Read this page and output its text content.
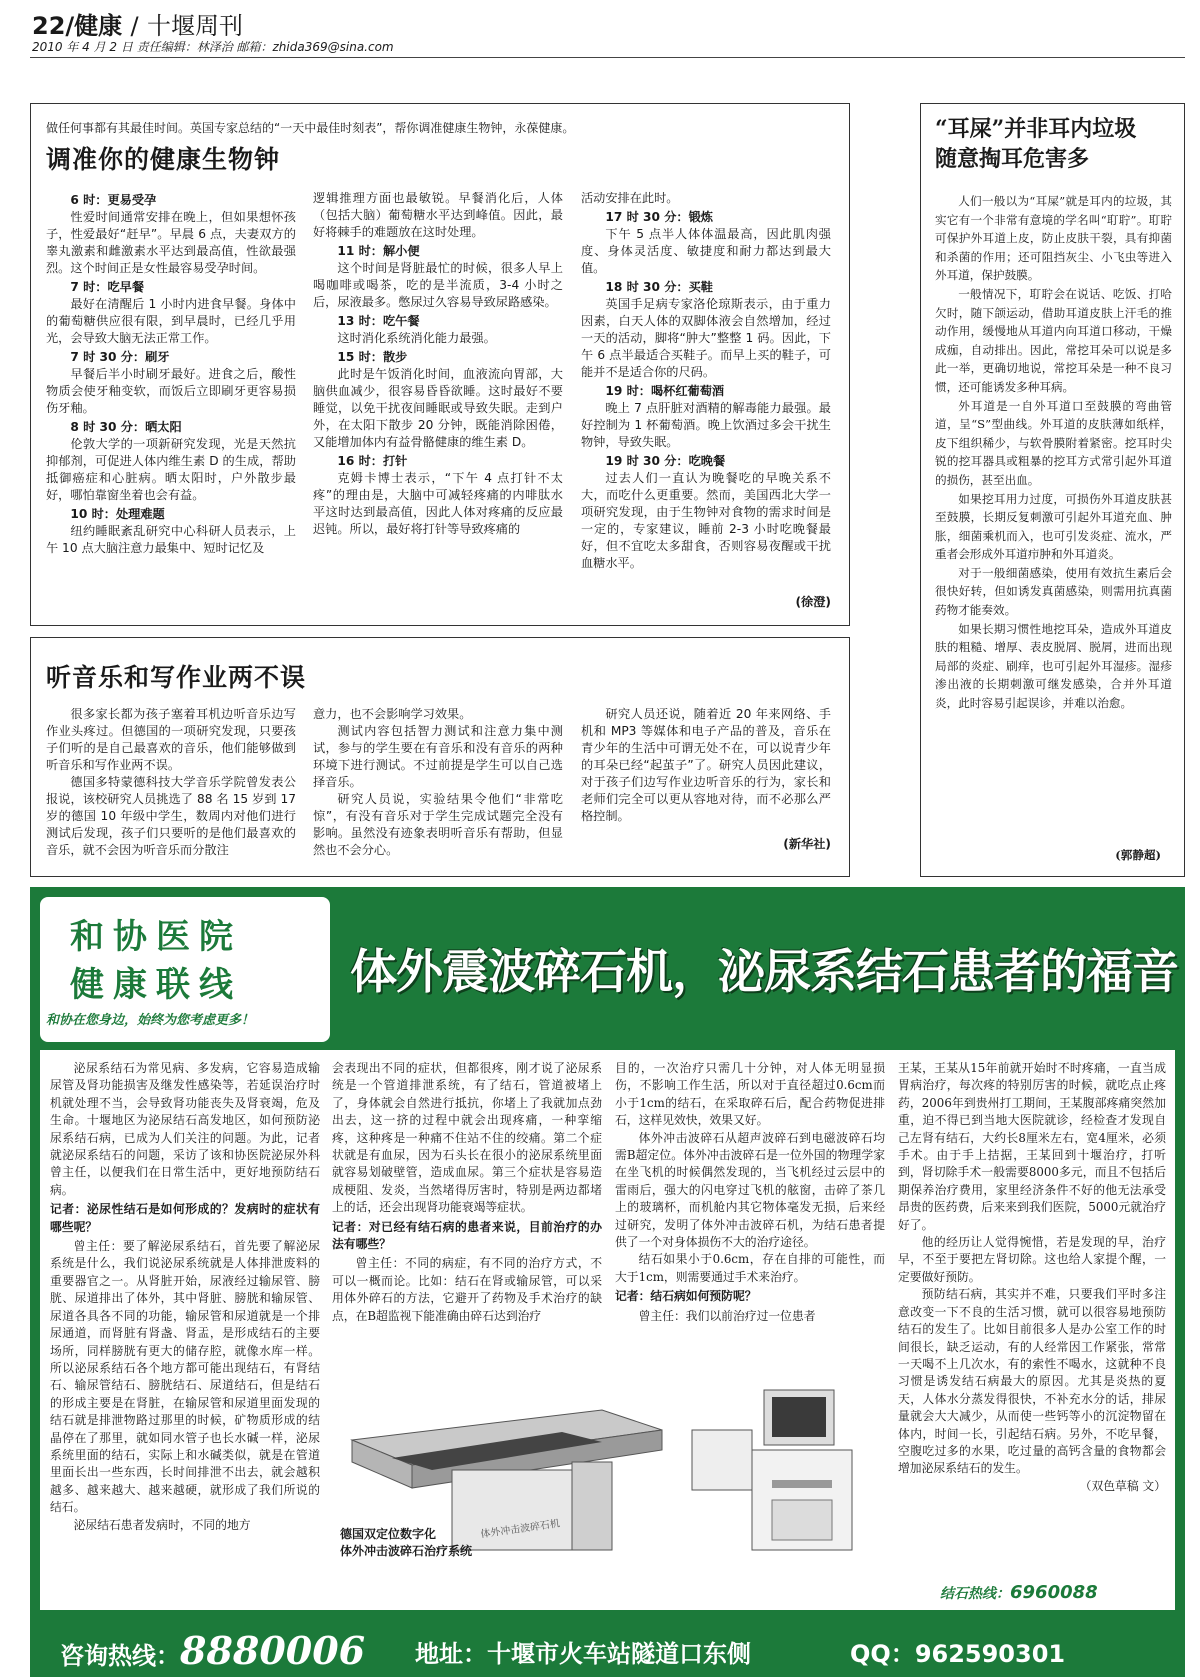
22/健康 / 十堰周刊
2010 年 4 月 2 日 责任编辑：林泽治 邮箱：zhida369@sina.com
做任何事都有其最佳时间。英国专家总结的“一天中最佳时刻表”，帮你调准健康生物钟，永葆健康。
调准你的健康生物钟

6 时：更易受孕

性爱时间通常安排在晚上，但如果想怀孩子，性爱最好“赶早”。早晨 6 点，夫妻双方的睾丸激素和雌激素水平达到最高值，性欲最强烈。这个时间正是女性最容易受孕时间。

7 时：吃早餐

最好在清醒后 1 小时内进食早餐。身体中的葡萄糖供应很有限，到早晨时，已经几乎用光，会导致大脑无法正常工作。

7 时 30 分：刷牙

早餐后半小时刷牙最好。进食之后，酸性物质会使牙釉变软，而饭后立即刷牙更容易损伤牙釉。

8 时 30 分：晒太阳

伦敦大学的一项新研究发现，光是天然抗抑郁剂，可促进人体内维生素 D 的生成，帮助抵御癌症和心脏病。晒太阳时，户外散步最好，哪怕靠窗坐着也会有益。

10 时：处理难题

纽约睡眠紊乱研究中心科研人员表示，上午 10 点大脑注意力最集中、短时记忆及

逻辑推理方面也最敏锐。早餐消化后，人体（包括大脑）葡萄糖水平达到峰值。因此，最好将棘手的难题放在这时处理。

11 时：解小便

这个时间是肾脏最忙的时候，很多人早上喝咖啡或喝茶，吃的是半流质，3-4 小时之后，尿液最多。憋尿过久容易导致尿路感染。

13 时：吃午餐

这时消化系统消化能力最强。

15 时：散步

此时是午饭消化时间，血液流向胃部，大脑供血减少，很容易昏昏欲睡。这时最好不要睡觉，以免干扰夜间睡眠或导致失眠。走到户外，在太阳下散步 20 分钟，既能消除困倦，又能增加体内有益骨骼健康的维生素 D。

16 时：打针

克姆卡博士表示，“下午 4 点打针不太疼”的理由是，大脑中可减轻疼痛的内啡肽水平这时达到最高值，因此人体对疼痛的反应最迟钝。所以，最好将打针等导致疼痛的

活动安排在此时。

17 时 30 分：锻炼

下午 5 点半人体体温最高，因此肌肉强度、身体灵活度、敏捷度和耐力都达到最大值。

18 时 30 分：买鞋

英国手足病专家洛伦琼斯表示，由于重力因素，白天人体的双脚体液会自然增加，经过一天的活动，脚将“肿大”整整 1 码。因此，下午 6 点半最适合买鞋子。而早上买的鞋子，可能并不是适合你的尺码。

19 时：喝杯红葡萄酒

晚上 7 点肝脏对酒精的解毒能力最强。最好控制为 1 杯葡萄酒。晚上饮酒过多会干扰生物钟，导致失眠。

19 时 30 分：吃晚餐

过去人们一直认为晚餐吃的早晚关系不大，而吃什么更重要。然而，美国西北大学一项研究发现，由于生物钟对食物的需求时间是一定的，专家建议，睡前 2-3 小时吃晚餐最好，但不宜吃太多甜食，否则容易夜醒或干扰血糖水平。

(徐澄)
听音乐和写作业两不误

很多家长都为孩子塞着耳机边听音乐边写作业头疼过。但德国的一项研究发现，只要孩子们听的是自己最喜欢的音乐，他们能够做到听音乐和写作业两不误。

德国多特蒙德科技大学音乐学院曾发表公报说，该校研究人员挑选了 88 名 15 岁到 17 岁的德国 10 年级中学生，数周内对他们进行测试后发现，孩子们只要听的是他们最喜欢的音乐，就不会因为听音乐而分散注

意力，也不会影响学习效果。

测试内容包括智力测试和注意力集中测试，参与的学生要在有音乐和没有音乐的两种环境下进行测试。不过前提是学生可以自己选择音乐。

研究人员说，实验结果令他们“非常吃惊”，有没有音乐对于学生完成试题完全没有影响。虽然没有迹象表明听音乐有帮助，但显然也不会分心。

研究人员还说，随着近 20 年来网络、手机和 MP3 等媒体和电子产品的普及，音乐在青少年的生活中可谓无处不在，可以说青少年的耳朵已经“起茧子”了。研究人员因此建议，对于孩子们边写作业边听音乐的行为，家长和老师们完全可以更从容地对待，而不必那么严格控制。

(新华社)
“耳屎”并非耳内垃圾
随意掏耳危害多

人们一般以为“耳屎”就是耳内的垃圾，其实它有一个非常有意境的学名叫“耵聍”。耵聍可保护外耳道上皮，防止皮肤干裂，具有抑菌和杀菌的作用；还可阻挡灰尘、小飞虫等进入外耳道，保护鼓膜。

一般情况下，耵聍会在说话、吃饭、打哈欠时，随下颌运动，借助耳道皮肤上汗毛的推动作用，缓慢地从耳道内向耳道口移动，干燥成痂，自动排出。因此，常挖耳朵可以说是多此一举，更确切地说，常挖耳朵是一种不良习惯，还可能诱发多种耳病。

外耳道是一自外耳道口至鼓膜的弯曲管道，呈“S”型曲线。外耳道的皮肤薄如纸样，皮下组织稀少，与软骨膜附着紧密。挖耳时尖锐的挖耳器具或粗暴的挖耳方式常引起外耳道的损伤，甚至出血。

如果挖耳用力过度，可损伤外耳道皮肤甚至鼓膜，长期反复刺激可引起外耳道充血、肿胀，细菌乘机而入，也可引发炎症、流水，严重者会形成外耳道疖肿和外耳道炎。

对于一般细菌感染，使用有效抗生素后会很快好转，但如诱发真菌感染，则需用抗真菌药物才能奏效。

如果长期习惯性地挖耳朵，造成外耳道皮肤的粗糙、增厚、表皮脱屑、脱屑，进而出现局部的炎症、刷痒，也可引起外耳湿疹。湿疹渗出液的长期刺激可继发感染，合并外耳道炎，此时容易引起误诊，并难以治愈。

(郭静超)
和协医院
健康联线
和协在您身边，始终为您考虑更多！
体外震波碎石机，泌尿系结石患者的福音

泌尿系结石为常见病、多发病，它容易造成输尿管及肾功能损害及继发性感染等，若延误治疗时机就处理不当，会导致肾功能丧失及肾衰竭，危及生命。十堰地区为泌尿结石高发地区，如何预防泌尿系结石病，已成为人们关注的问题。为此，记者就泌尿系结石的问题，采访了该和协医院泌尿外科曾主任，以便我们在日常生活中，更好地预防结石病。

记者：泌尿性结石是如何形成的？发病时的症状有哪些呢？

曾主任：要了解泌尿系结石，首先要了解泌尿系统是什么，我们说泌尿系统就是人体排泄废料的重要器官之一。从肾脏开始，尿液经过输尿管、膀胱、尿道排出了体外，其中肾脏、膀胱和输尿管、尿道各具各不同的功能，输尿管和尿道就是一个排尿通道，而肾脏有肾盏、肾盂，是形成结石的主要场所，同样膀胱有更大的储存腔，就像水库一样。所以泌尿系结石各个地方都可能出现结石，有肾结石、输尿管结石、膀胱结石、尿道结石，但是结石的形成主要是在肾脏，在输尿管和尿道里面发现的结石就是排泄物路过那里的时候，矿物质形成的结晶停在了那里，就如同水管子也长水碱一样，泌尿系统里面的结石，实际上和水碱类似，就是在管道里面长出一些东西，长时间排泄不出去，就会越积越多、越来越大、越来越硬，就形成了我们所说的结石。

泌尿结石患者发病时，不同的地方

会表现出不同的症状，但都很疼，刚才说了泌尿系统是一个管道排泄系统，有了结石，管道被堵上了，身体就会自然进行抵抗，你堵上了我就加点劲出去，这一挤的过程中就会出现疼痛，一种挛缩疼，这种疼是一种痛不住站不住的绞痛。第二个症状就是有血尿，因为石头长在很小的泌尿系统里面就容易划破壁管，造成血尿。第三个症状是容易造成梗阻、发炎，当然堵得厉害时，特别是两边都堵上的话，还会出现肾功能衰竭等症状。

记者：对已经有结石病的患者来说，目前治疗的办法有哪些？

曾主任：不同的病症，有不同的治疗方式，不可以一概而论。比如：结石在肾或输尿管，可以采用体外碎石的方法，它避开了药物及手术治疗的缺点，在B超监视下能准确由碎石达到治疗

目的，一次治疗只需几十分钟，对人体无明显损伤，不影响工作生活，所以对于直径超过0.6cm而小于1cm的结石，在采取碎石后，配合药物促进排石，这样见效快，效果又好。

体外冲击波碎石从超声波碎石到电磁波碎石均需B超定位。体外冲击波碎石是一位外国的物理学家在坐飞机的时候偶然发现的，当飞机经过云层中的雷雨后，强大的闪电穿过飞机的舷窗，击碎了茶几上的玻璃杯，而机舱内其它物体毫发无损，后来经过研究，发明了体外冲击波碎石机，为结石患者提供了一个对身体损伤不大的治疗途径。

结石如果小于0.6cm，存在自排的可能性，而大于1cm，则需要通过手术来治疗。

记者：结石病如何预防呢？

曾主任：我们以前治疗过一位患者

王某，王某从15年前就开始时不时疼痛，一直当成胃病治疗，每次疼的特别厉害的时候，就吃点止疼药，2006年到贵州打工期间，王某腹部疼痛突然加重，迫不得已到当地大医院就诊，经检查才发现自己左肾有结石，大约长8厘米左右，宽4厘米，必须手术。由于手上拮据，王某回到十堰治疗，打听到，肾切除手术一般需要8000多元，而且不包括后期保养治疗费用，家里经济条件不好的他无法承受昂贵的医药费，后来来到我们医院，5000元就治疗好了。

他的经历让人觉得惋惜，若是发现的早，治疗早，不至于要把左肾切除。这也给人家提个醒，一定要做好预防。

预防结石病，其实并不难，只要我们平时多注意改变一下不良的生活习惯，就可以很容易地预防结石的发生了。比如目前很多人是办公室工作的时间很长，缺乏运动，有的人经常因工作紧张，常常一天喝不上几次水，有的索性不喝水，这就种不良习惯是诱发结石病最大的原因。尤其是炎热的夏天，人体水分蒸发得很快，不补充水分的话，排尿量就会大大减少，从而使一些钙等小的沉淀物留在体内，时间一长，引起结石病。另外，不吃早餐，空腹吃过多的水果，吃过量的高钙含量的食物都会增加泌尿系结石的发生。

（双色草稿 文）

体外冲击波碎石机
德国双定位数字化
体外冲击波碎石治疗系统
结石热线：6960088
咨询热线：8880006 地址：十堰市火车站隧道口东侧	QQ：962590301
